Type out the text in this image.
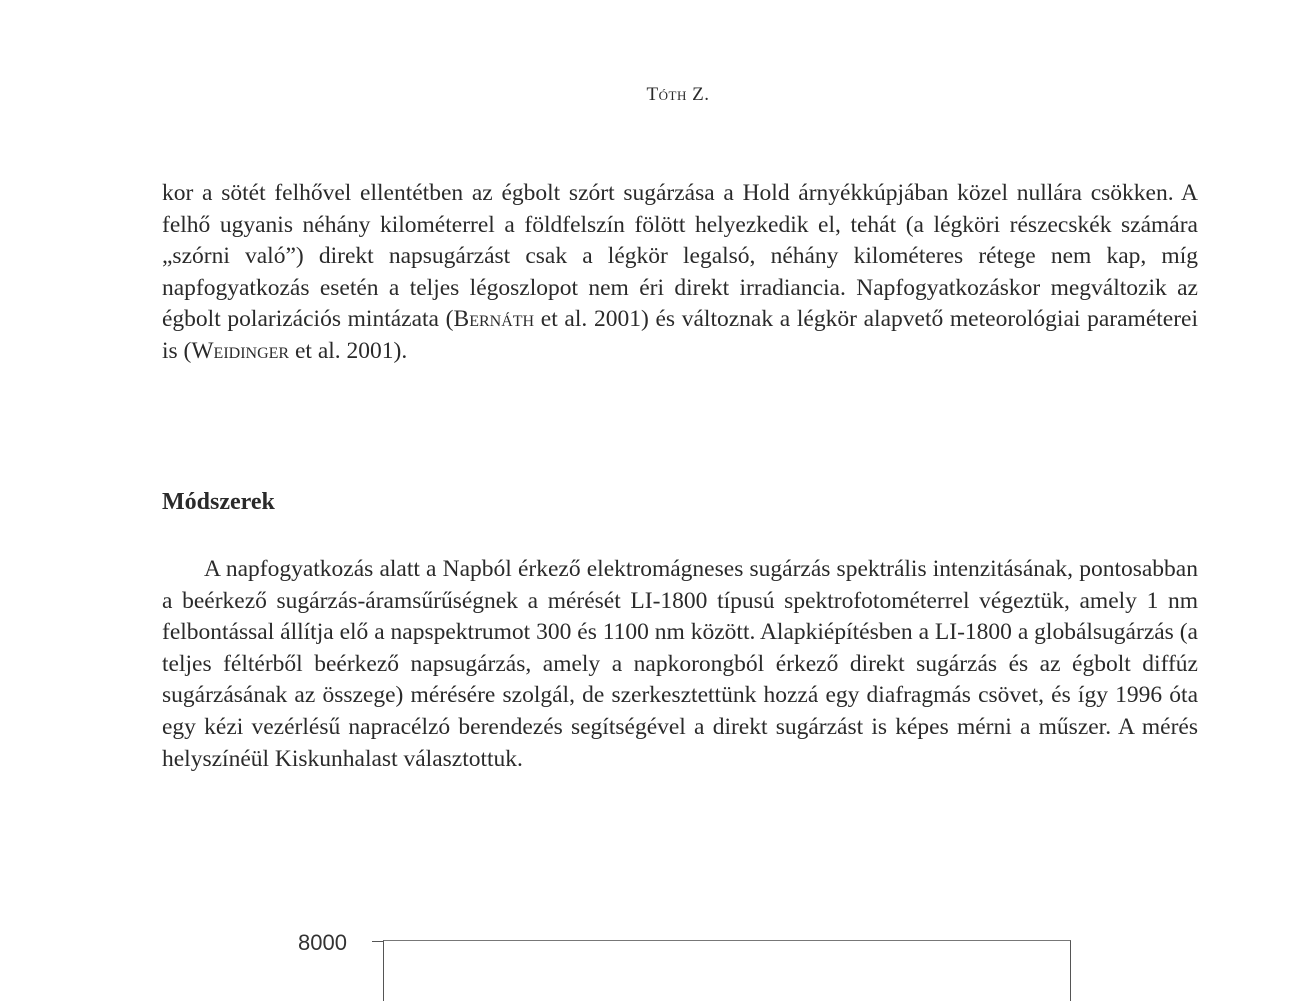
Tóth Z.

kor a sötét felhővel ellentétben az égbolt szórt sugárzása a Hold árnyékkúpjában közel nullára csökken. A felhő ugyanis néhány kilométerrel a földfelszín fölött helyezkedik el, tehát (a légköri részecskék számára „szórni való”) direkt napsugárzást csak a légkör legalsó, néhány kilométeres rétege nem kap, míg napfogyatkozás esetén a teljes légoszlopot nem éri direkt irradiancia. Napfogyatkozáskor megváltozik az égbolt polarizációs mintázata (Bernáth et al. 2001) és változnak a légkör alapvető meteorológiai paraméterei is (Weidinger et al. 2001).

Módszerek

A napfogyatkozás alatt a Napból érkező elektromágneses sugárzás spektrális intenzitásának, pontosabban a beérkező sugárzás-áramsűrűségnek a mérését LI-1800 típusú spektrofotométerrel végeztük, amely 1 nm felbontással állítja elő a napspektrumot 300 és 1100 nm között. Alapkiépítésben a LI-1800 a globálsugárzás (a teljes féltérből beérkező napsugárzás, amely a napkorongból érkező direkt sugárzás és az égbolt diffúz sugárzásának az összege) mérésére szolgál, de szerkesztettünk hozzá egy diafragmás csövet, és így 1996 óta egy kézi vezérlésű napracélzó berendezés segítségével a direkt sugárzást is képes mérni a műszer. A mérés helyszínéül Kiskunhalast választottuk.

8000
